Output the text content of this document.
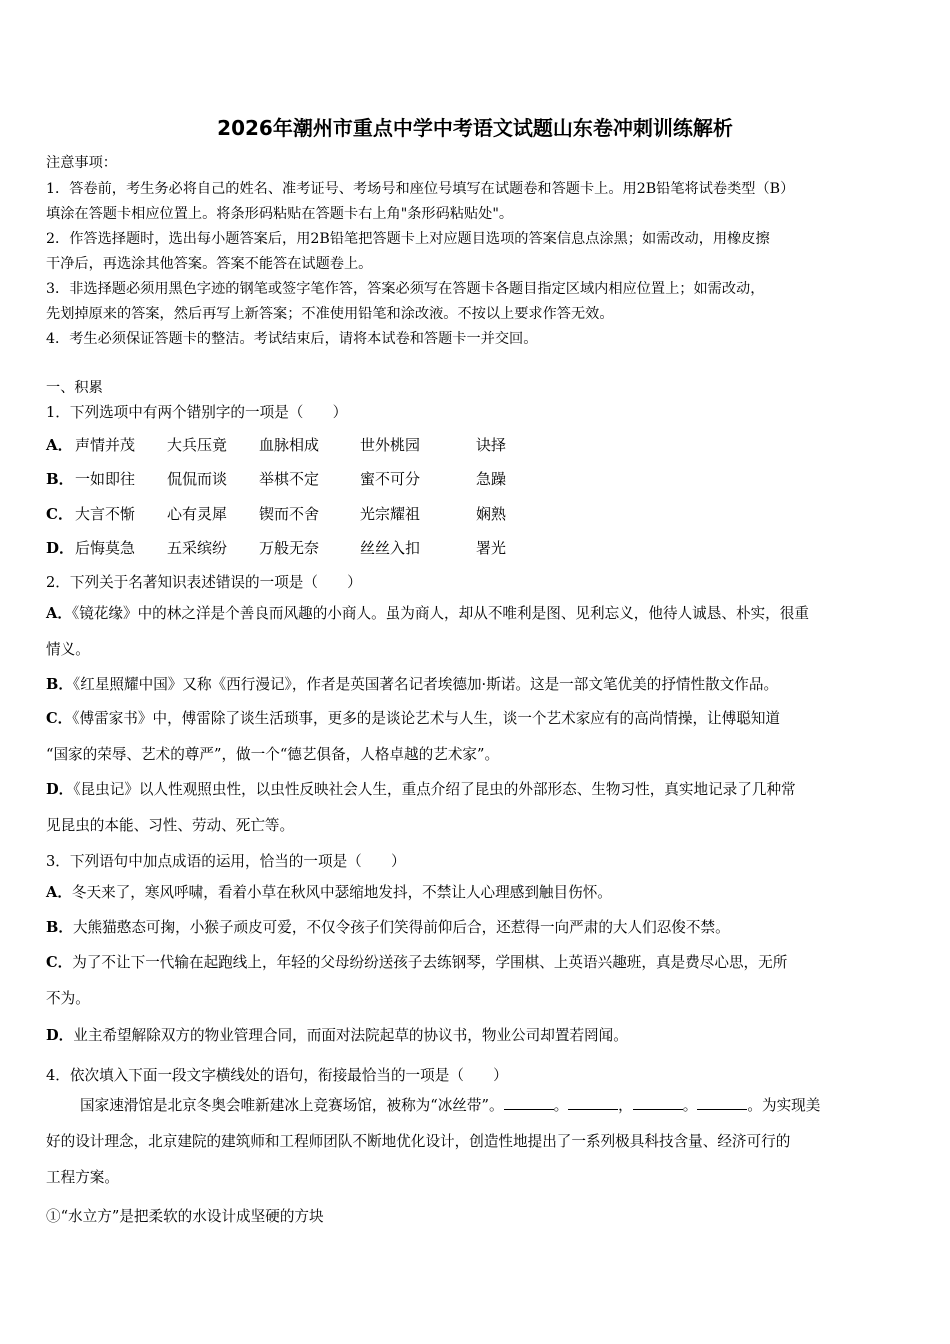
2026年潮州市重点中学中考语文试题山东卷冲刺训练解析
注意事项：
1．答卷前，考生务必将自己的姓名、准考证号、考场号和座位号填写在试题卷和答题卡上。用2B铅笔将试卷类型（B）
填涂在答题卡相应位置上。将条形码粘贴在答题卡右上角"条形码粘贴处"。
2．作答选择题时，选出每小题答案后，用2B铅笔把答题卡上对应题目选项的答案信息点涂黑；如需改动，用橡皮擦
干净后，再选涂其他答案。答案不能答在试题卷上。
3．非选择题必须用黑色字迹的钢笔或签字笔作答，答案必须写在答题卡各题目指定区域内相应位置上；如需改动，
先划掉原来的答案，然后再写上新答案；不准使用铅笔和涂改液。不按以上要求作答无效。
4．考生必须保证答题卡的整洁。考试结束后，请将本试卷和答题卡一并交回。
一、积累
1．下列选项中有两个错别字的一项是（　　）
A． 声情并茂 大兵压竟 血脉相成	世外桃园	诀择
B． 一如即往 侃侃而谈 举棋不定	蜜不可分	急躁
C． 大言不惭 心有灵犀 锲而不舍	光宗耀祖	娴熟
D． 后悔莫急 五采缤纷 万般无奈	丝丝入扣	署光
2．下列关于名著知识表述错误的一项是（　　）
A．《镜花缘》中的林之洋是个善良而风趣的小商人。虽为商人，却从不唯利是图、见利忘义，他待人诚恳、朴实，很重
情义。
B．《红星照耀中国》又称《西行漫记》，作者是英国著名记者埃德加·斯诺。这是一部文笔优美的抒情性散文作品。
C．《傅雷家书》中，傅雷除了谈生活琐事，更多的是谈论艺术与人生，谈一个艺术家应有的高尚情操，让傅聪知道
“国家的荣辱、艺术的尊严”，做一个“德艺俱备，人格卓越的艺术家”。
D．《昆虫记》以人性观照虫性，以虫性反映社会人生，重点介绍了昆虫的外部形态、生物习性，真实地记录了几种常
见昆虫的本能、习性、劳动、死亡等。
3．下列语句中加点成语的运用，恰当的一项是（　　）
A．冬天来了，寒风呼啸，看着小草在秋风中瑟缩地发抖，不禁让人心理感到触目伤怀。
B．大熊猫憨态可掬，小猴子顽皮可爱，不仅令孩子们笑得前仰后合，还惹得一向严肃的大人们忍俊不禁。
C．为了不让下一代输在起跑线上，年轻的父母纷纷送孩子去练钢琴，学围棋、上英语兴趣班，真是费尽心思，无所
不为。
D．业主希望解除双方的物业管理合同，而面对法院起草的协议书，物业公司却置若罔闻。
4．依次填入下面一段文字横线处的语句，衔接最恰当的一项是（　　）
国家速滑馆是北京冬奥会唯新建冰上竞赛场馆，被称为“冰丝带”。	。	，	。	。为实现美
好的设计理念，北京建院的建筑师和工程师团队不断地优化设计，创造性地提出了一系列极具科技含量、经济可行的
工程方案。
①“水立方”是把柔软的水设计成坚硬的方块
